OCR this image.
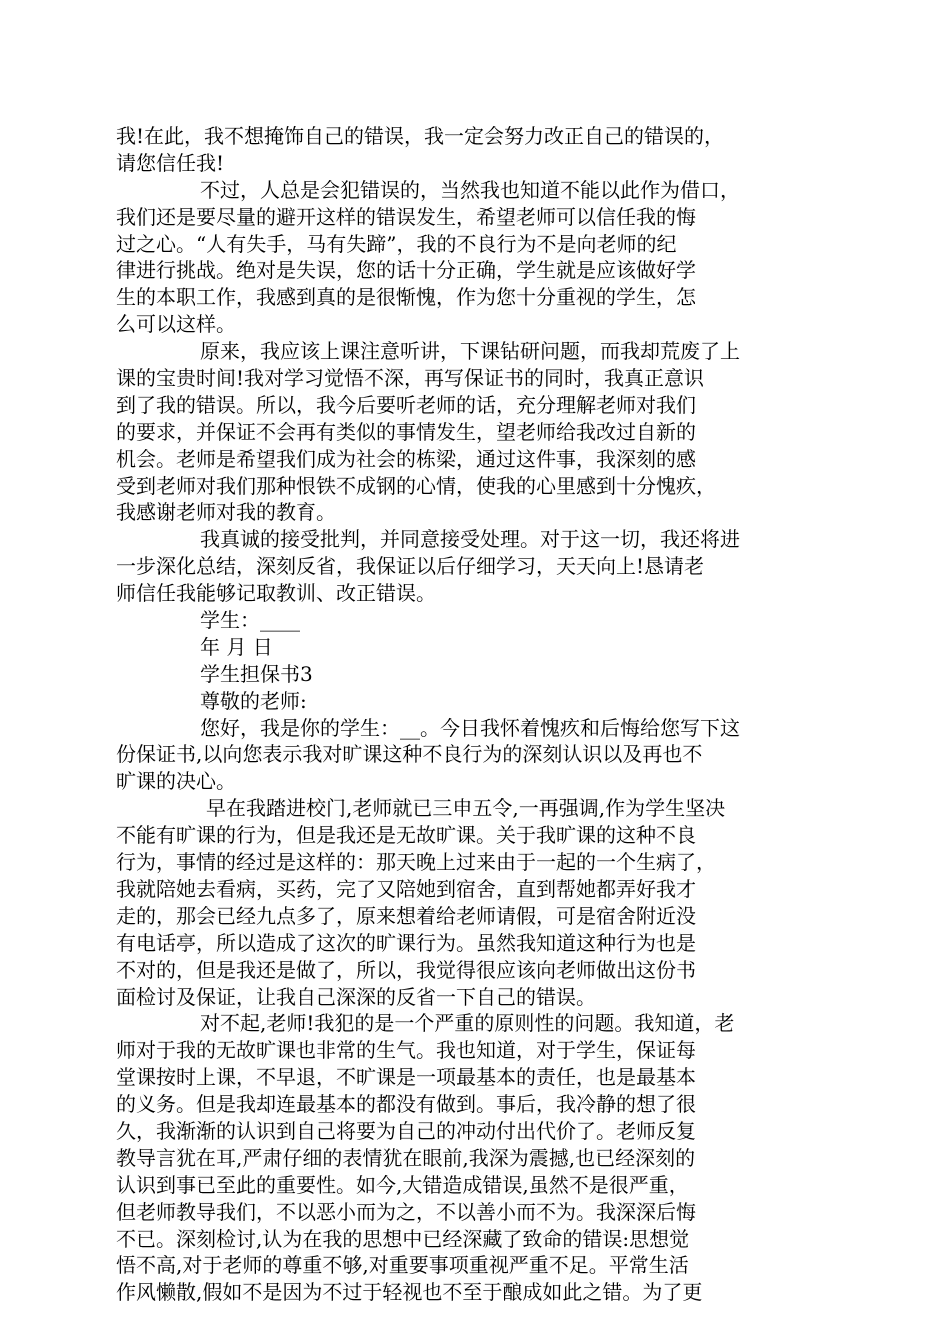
我!在此，我不想掩饰自己的错误，我一定会努力改正自己的错误的，
请您信任我!
不过，人总是会犯错误的，当然我也知道不能以此作为借口，
我们还是要尽量的避开这样的错误发生，希望老师可以信任我的悔
过之心。“人有失手，马有失蹄”，我的不良行为不是向老师的纪
律进行挑战。绝对是失误，您的话十分正确，学生就是应该做好学
生的本职工作，我感到真的是很惭愧，作为您十分重视的学生，怎
么可以这样。
原来，我应该上课注意听讲，下课钻研问题，而我却荒废了上
课的宝贵时间!我对学习觉悟不深，再写保证书的同时，我真正意识
到了我的错误。所以，我今后要听老师的话，充分理解老师对我们
的要求，并保证不会再有类似的事情发生，望老师给我改过自新的
机会。老师是希望我们成为社会的栋梁，通过这件事，我深刻的感
受到老师对我们那种恨铁不成钢的心情，使我的心里感到十分愧疚，
我感谢老师对我的教育。
我真诚的接受批判，并同意接受处理。对于这一切，我还将进
一步深化总结，深刻反省，我保证以后仔细学习，天天向上!恳请老
师信任我能够记取教训、改正错误。
学生：____
年 月 日
学生担保书3
尊敬的老师:
您好，我是你的学生：__。今日我怀着愧疚和后悔给您写下这
份保证书,以向您表示我对旷课这种不良行为的深刻认识以及再也不
旷课的决心。
早在我踏进校门,老师就已三申五令,一再强调,作为学生坚决
不能有旷课的行为，但是我还是无故旷课。关于我旷课的这种不良
行为，事情的经过是这样的：那天晚上过来由于一起的一个生病了，
我就陪她去看病，买药，完了又陪她到宿舍，直到帮她都弄好我才
走的，那会已经九点多了，原来想着给老师请假，可是宿舍附近没
有电话亭，所以造成了这次的旷课行为。虽然我知道这种行为也是
不对的，但是我还是做了，所以，我觉得很应该向老师做出这份书
面检讨及保证，让我自己深深的反省一下自己的错误。
对不起,老师!我犯的是一个严重的原则性的问题。我知道，老
师对于我的无故旷课也非常的生气。我也知道，对于学生，保证每
堂课按时上课，不早退，不旷课是一项最基本的责任，也是最基本
的义务。但是我却连最基本的都没有做到。事后，我冷静的想了很
久，我渐渐的认识到自己将要为自己的冲动付出代价了。老师反复
教导言犹在耳,严肃仔细的表情犹在眼前,我深为震撼,也已经深刻的
认识到事已至此的重要性。如今,大错造成错误,虽然不是很严重，
但老师教导我们，不以恶小而为之，不以善小而不为。我深深后悔
不已。深刻检讨,认为在我的思想中已经深藏了致命的错误:思想觉
悟不高,对于老师的尊重不够,对重要事项重视严重不足。平常生活
作风懒散,假如不是因为不过于轻视也不至于酿成如此之错。为了更
